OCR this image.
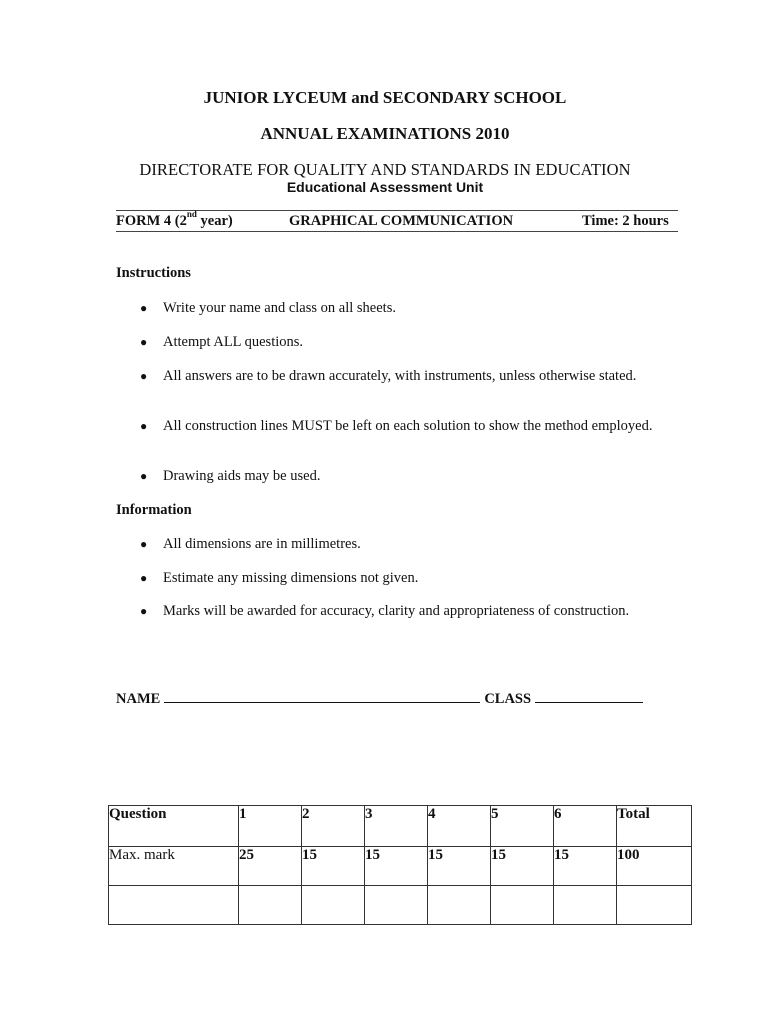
JUNIOR LYCEUM and SECONDARY SCHOOL
ANNUAL EXAMINATIONS 2010
DIRECTORATE FOR QUALITY AND STANDARDS IN EDUCATION
Educational Assessment Unit
FORM 4 (2nd year)	GRAPHICAL COMMUNICATION	Time: 2 hours
Instructions
● Write your name and class on all sheets.
● Attempt ALL questions.
● All answers are to be drawn accurately, with instruments, unless otherwise stated.
● All construction lines MUST be left on each solution to show the method employed.
● Drawing aids may be used.
Information
● All dimensions are in millimetres.
● Estimate any missing dimensions not given.
● Marks will be awarded for accuracy, clarity and appropriateness of construction.
NAME	CLASS
Question	1	2	3	4	5	6	Total
Max. mark	25	15	15	15	15	15	100
